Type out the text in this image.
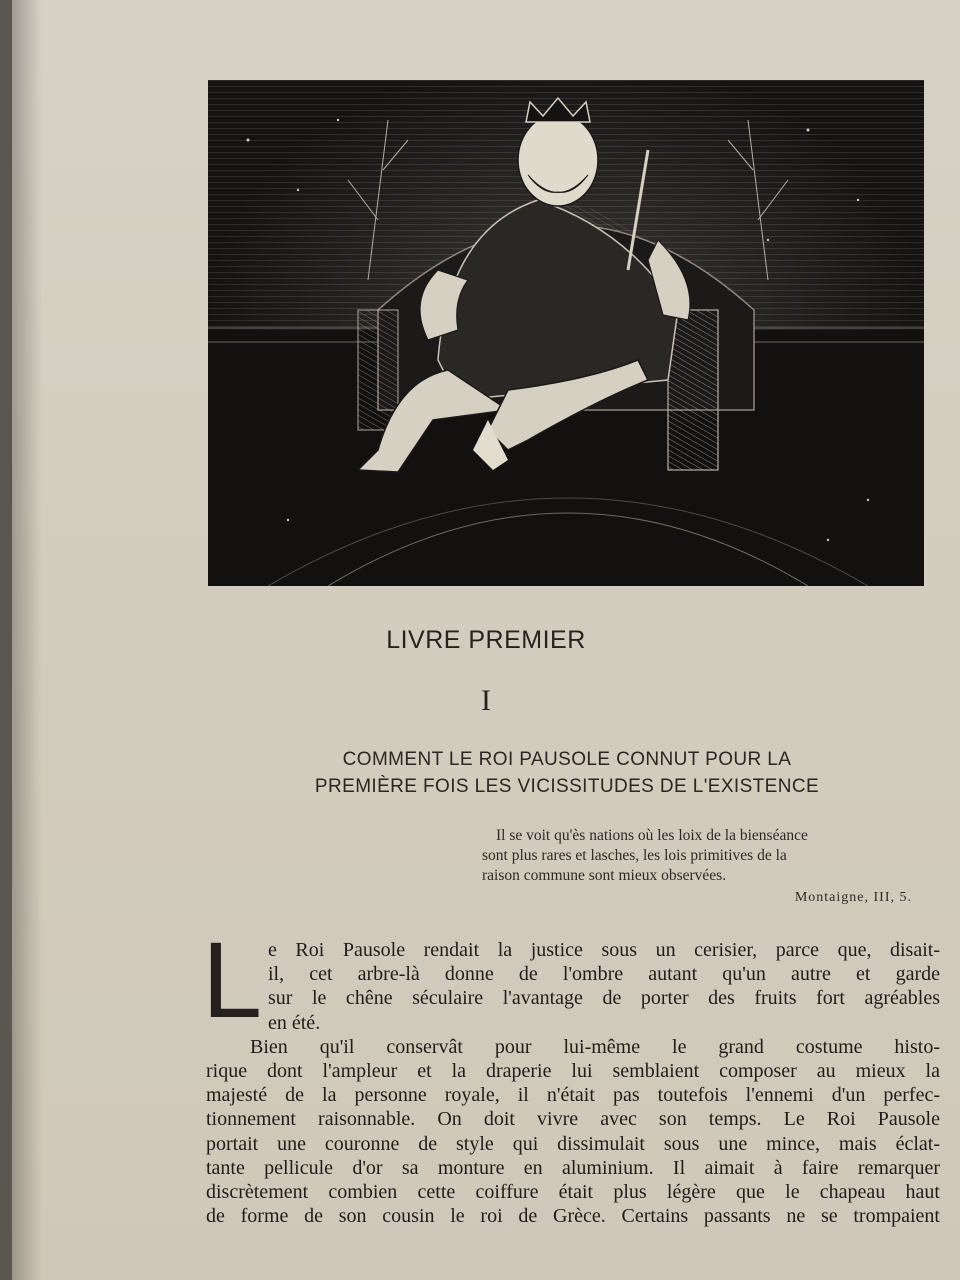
LIVRE PREMIER
I
COMMENT LE ROI PAUSOLE CONNUT POUR LA
PREMIÈRE FOIS LES VICISSITUDES DE L'EXISTENCE
Il se voit qu'ès nations où les loix de la bienséance
sont plus rares et lasches, les lois primitives de la
raison commune sont mieux observées.
Montaigne, III, 5.
L e Roi Pausole rendait la justice sous un cerisier, parce que, disait-
il, cet arbre-là donne de l'ombre autant qu'un autre et garde
sur le chêne séculaire l'avantage de porter des fruits fort agréables
en été.
Bien qu'il conservât pour lui-même le grand costume histo-
rique dont l'ampleur et la draperie lui semblaient composer au mieux la
majesté de la personne royale, il n'était pas toutefois l'ennemi d'un perfec-
tionnement raisonnable. On doit vivre avec son temps. Le Roi Pausole
portait une couronne de style qui dissimulait sous une mince, mais éclat-
tante pellicule d'or sa monture en aluminium. Il aimait à faire remarquer
discrètement combien cette coiffure était plus légère que le chapeau haut
de forme de son cousin le roi de Grèce. Certains passants ne se trompaient
